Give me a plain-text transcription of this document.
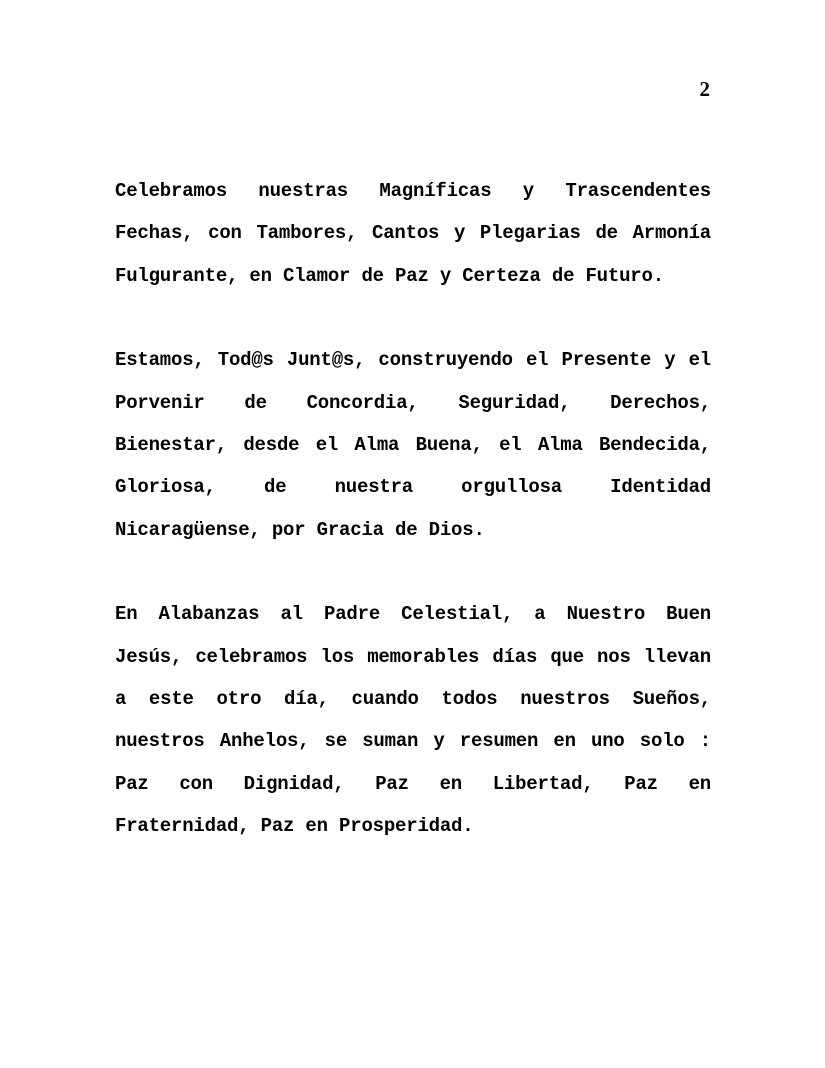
2

Celebramos nuestras Magníficas y Trascendentes Fechas, con Tambores, Cantos y Plegarias de Armonía Fulgurante, en Clamor de Paz y Certeza de Futuro.

Estamos, Tod@s Junt@s, construyendo el Presente y el Porvenir de Concordia, Seguridad, Derechos, Bienestar, desde el Alma Buena, el Alma Bendecida, Gloriosa, de nuestra orgullosa Identidad Nicaragüense, por Gracia de Dios.

En Alabanzas al Padre Celestial, a Nuestro Buen Jesús, celebramos los memorables días que nos llevan a este otro día, cuando todos nuestros Sueños, nuestros Anhelos, se suman y resumen en uno solo : Paz con Dignidad, Paz en Libertad, Paz en Fraternidad, Paz en Prosperidad.
